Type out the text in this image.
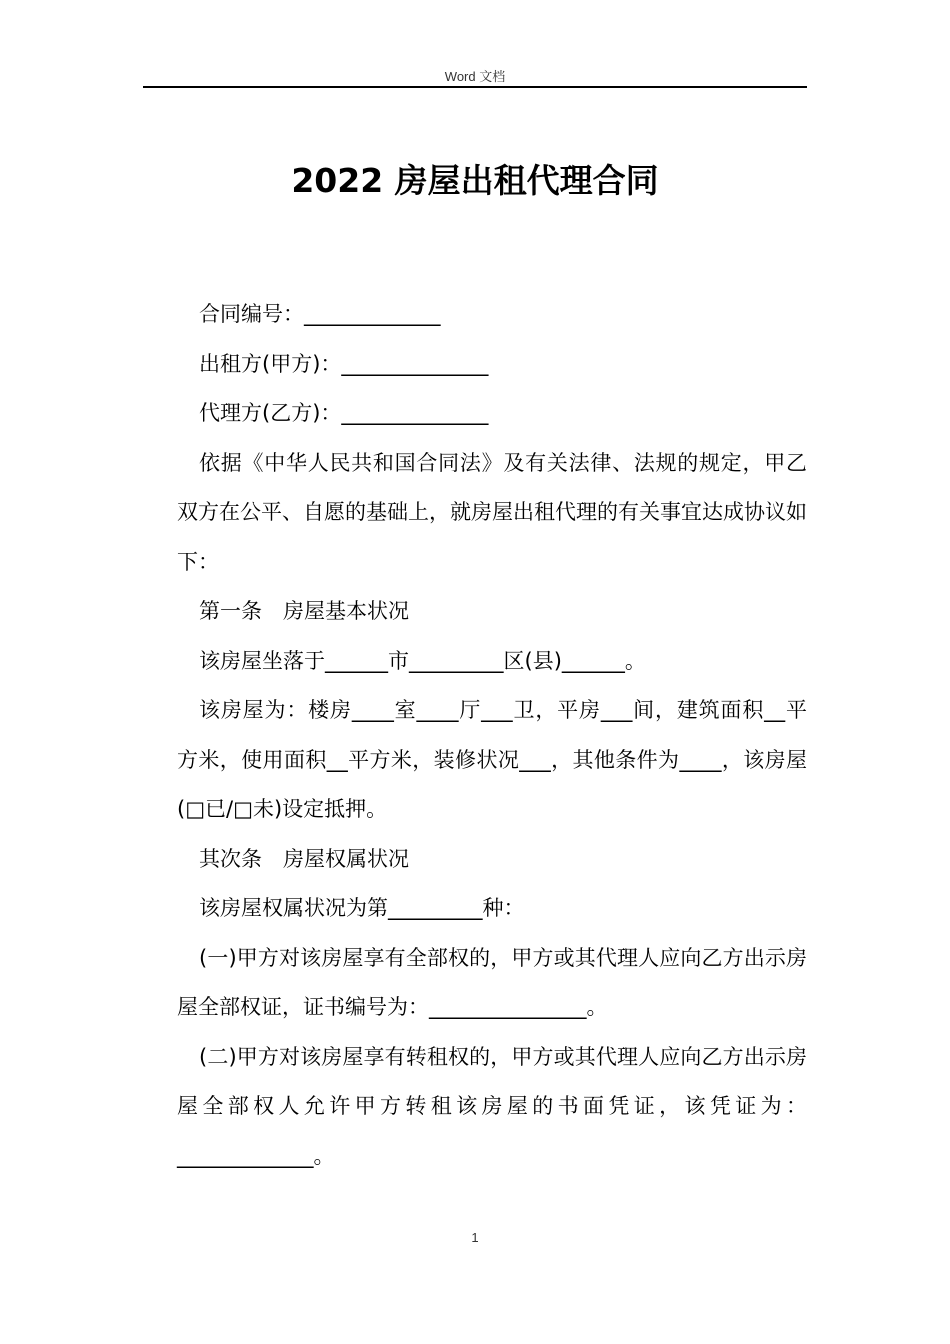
Word 文档
2022 房屋出租代理合同

合同编号：_____________

出租方(甲方)：______________

代理方(乙方)：______________

依据《中华人民共和国合同法》及有关法律、法规的规定，甲乙双方在公平、自愿的基础上，就房屋出租代理的有关事宜达成协议如下：

第一条　房屋基本状况

该房屋坐落于______市_________区(县)______。

该房屋为：楼房____室____厅___卫，平房___间，建筑面积__平方米，使用面积__平方米，装修状况___，其他条件为____，该房屋(□已/□未)设定抵押。

其次条　房屋权属状况

该房屋权属状况为第_________种：

(一)甲方对该房屋享有全部权的，甲方或其代理人应向乙方出示房屋全部权证，证书编号为：_______________。

(二)甲方对该房屋享有转租权的，甲方或其代理人应向乙方出示房屋全部权人允许甲方转租该房屋的书面凭证，该凭证为：_____________。

1
